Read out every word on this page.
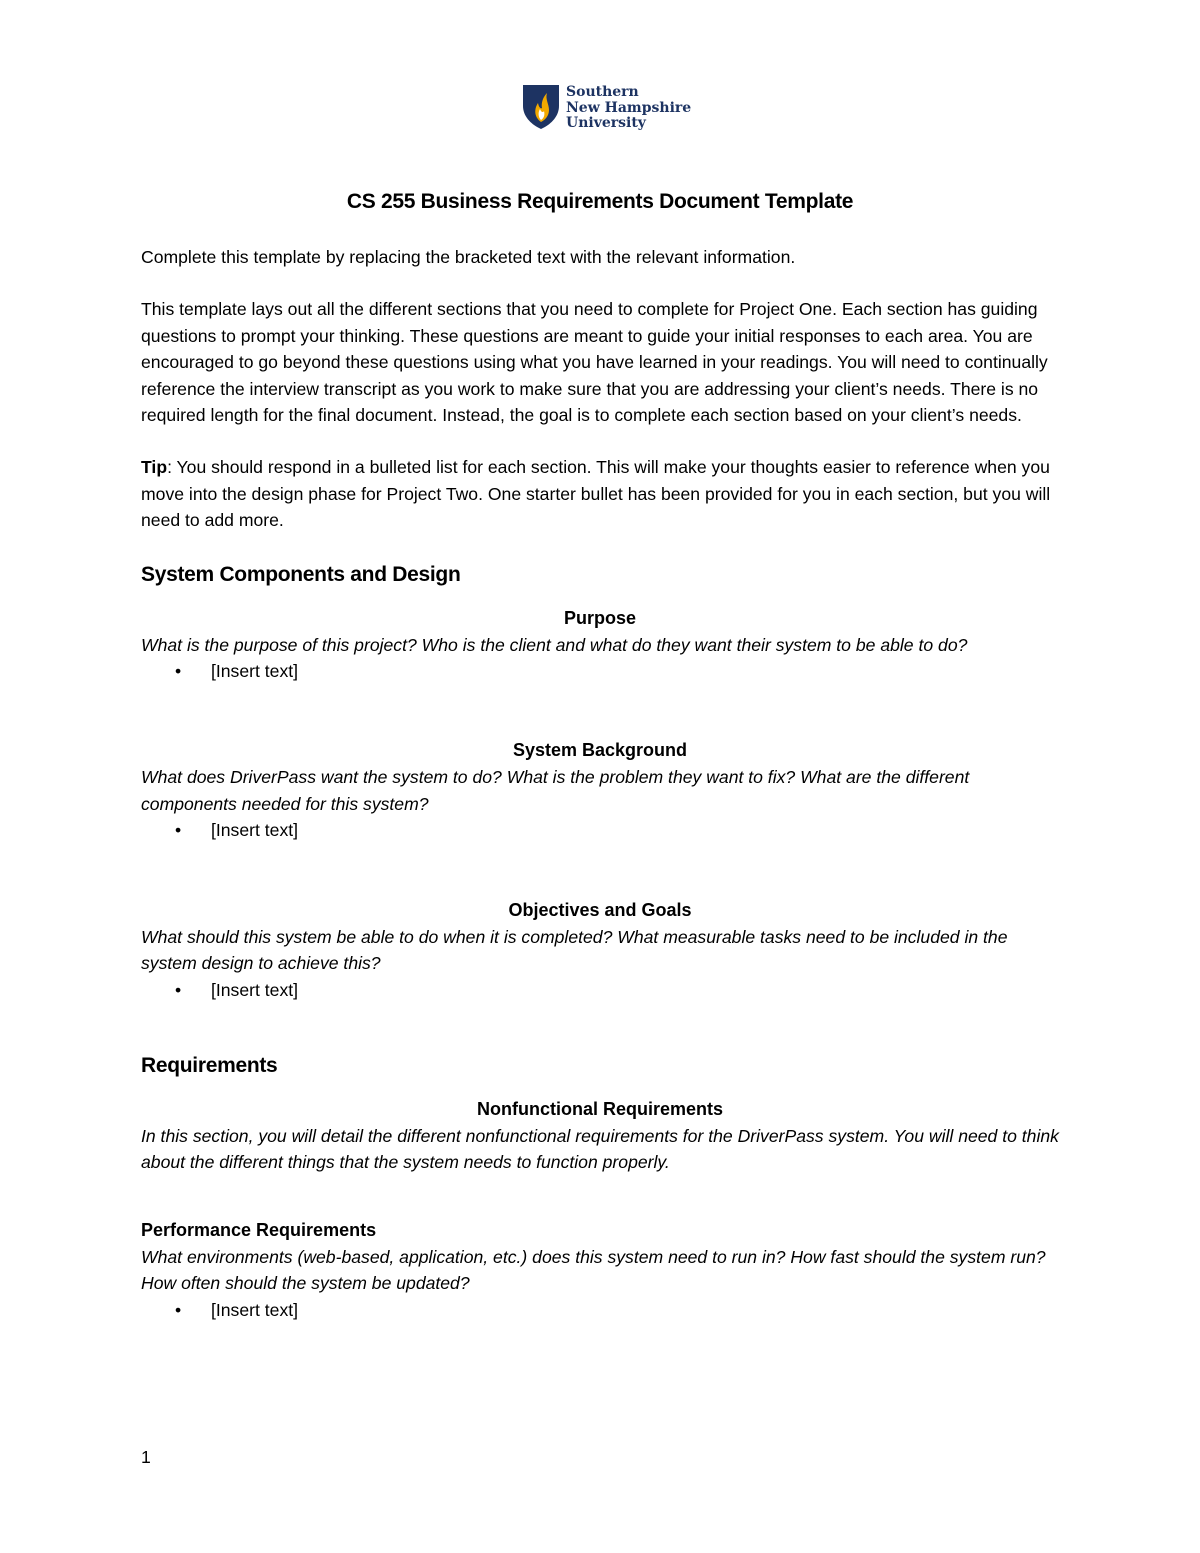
Southern
New Hampshire
University
CS 255 Business Requirements Document Template

Complete this template by replacing the bracketed text with the relevant information.

This template lays out all the different sections that you need to complete for Project One. Each section has guiding questions to prompt your thinking. These questions are meant to guide your initial responses to each area. You are encouraged to go beyond these questions using what you have learned in your readings. You will need to continually reference the interview transcript as you work to make sure that you are addressing your client’s needs. There is no required length for the final document. Instead, the goal is to complete each section based on your client’s needs.

Tip: You should respond in a bulleted list for each section. This will make your thoughts easier to reference when you move into the design phase for Project Two. One starter bullet has been provided for you in each section, but you will need to add more.

System Components and Design
Purpose

What is the purpose of this project? Who is the client and what do they want their system to be able to do?

• [Insert text]
System Background

What does DriverPass want the system to do? What is the problem they want to fix? What are the different components needed for this system?

• [Insert text]
Objectives and Goals

What should this system be able to do when it is completed? What measurable tasks need to be included in the system design to achieve this?

• [Insert text]
Requirements
Nonfunctional Requirements

In this section, you will detail the different nonfunctional requirements for the DriverPass system. You will need to think about the different things that the system needs to function properly.

Performance Requirements

What environments (web-based, application, etc.) does this system need to run in? How fast should the system run? How often should the system be updated?

• [Insert text]
1
